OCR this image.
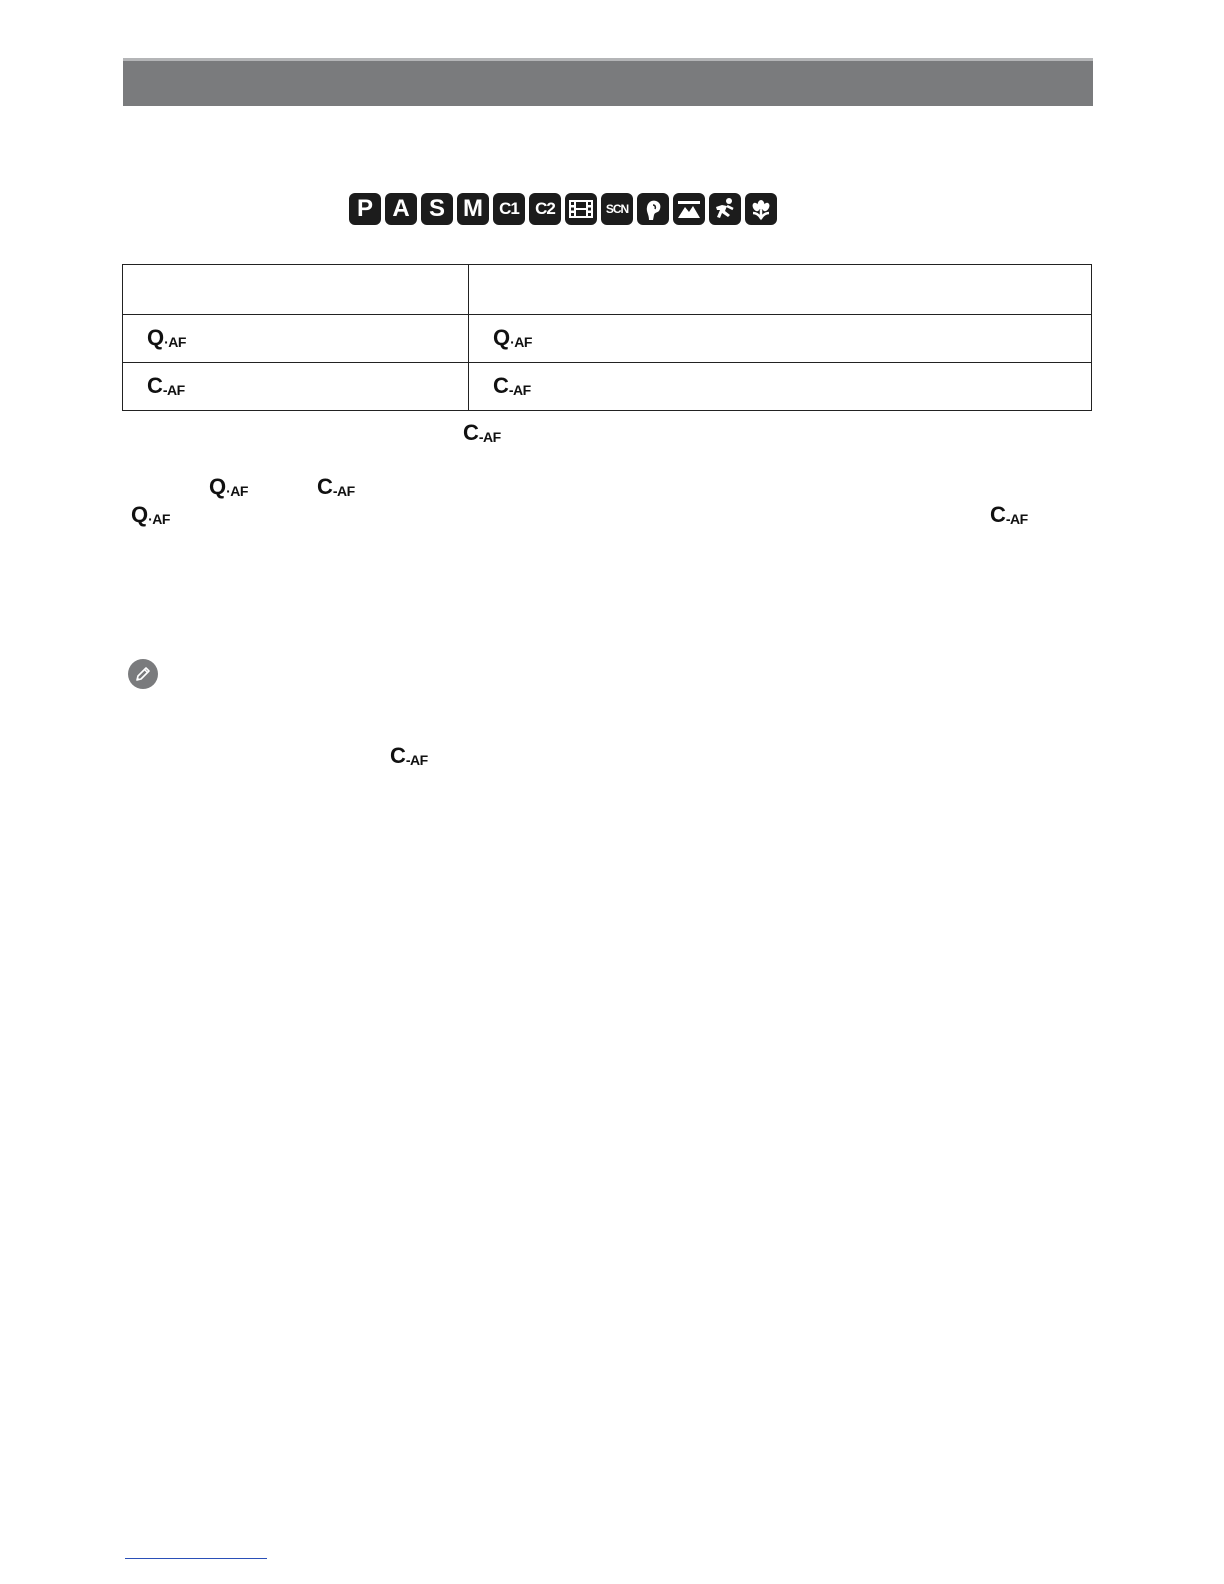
P A S M C1 C2	SCN

Q ·AF	Q ·AF

C -AF	C -AF
C -AF
Q ·AF	C -AF
Q ·AF	C -AF
C -AF
